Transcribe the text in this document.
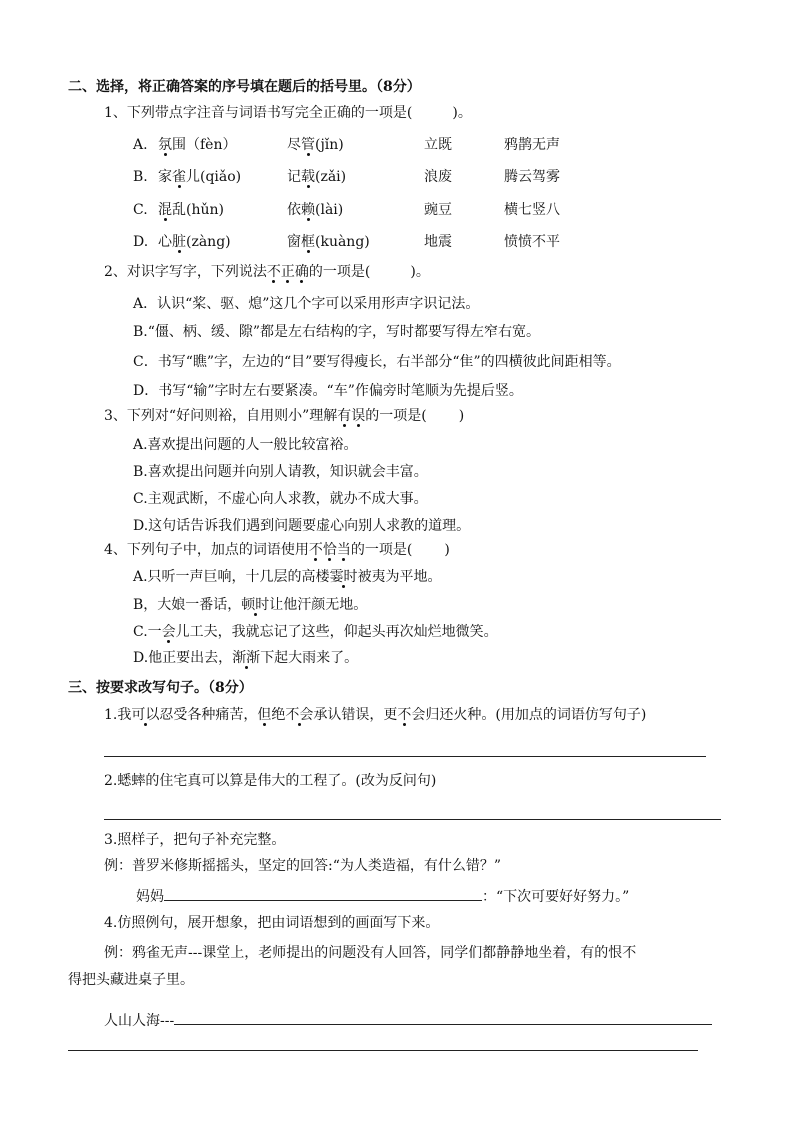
二、选择，将正确答案的序号填在题后的括号里。（8分）
1、下列带点字注音与词语书写完全正确的一项是(	)。
A. 氛围（fèn）	尽管(jǐn)	立既	鸦鹊无声
B. 家雀儿(qiǎo)	记载(zǎi)	浪废	腾云驾雾
C. 混乱(hǔn)	依赖(lài)	豌豆	横七竖八
D. 心脏(zàng)	窗框(kuàng)	地震	愤愤不平
2、对识字写字，下列说法不正确的一项是(	)。
A．认识“桨、驱、熄”这几个字可以采用形声字识记法。
B.“僵、柄、缓、隙”都是左右结构的字，写时都要写得左窄右宽。
C．书写“瞧”字，左边的“目”要写得瘦长，右半部分“隹”的四横彼此间距相等。
D．书写“输”字时左右要紧凑。“车”作偏旁时笔顺为先提后竖。
3、下列对“好问则裕，自用则小”理解有误的一项是( )
A.喜欢提出问题的人一般比较富裕。
B.喜欢提出问题并向别人请教，知识就会丰富。
C.主观武断，不虚心向人求教，就办不成大事。
D.这句话告诉我们遇到问题要虚心向别人求教的道理。
4、下列句子中，加点的词语使用不恰当的一项是( )
A.只听一声巨响，十几层的高楼霎时被夷为平地。
B，大娘一番话，顿时让他汗颜无地。
C.一会儿工夫，我就忘记了这些，仰起头再次灿烂地微笑。
D.他正要出去，渐渐下起大雨来了。
三、按要求改写句子。（8分）
1.我可以忍受各种痛苦，但绝不会承认错误，更不会归还火种。(用加点的词语仿写句子)
2.蟋蟀的住宅真可以算是伟大的工程了。(改为反问句)
3.照样子，把句子补充完整。
例：普罗米修斯摇摇头，坚定的回答:“为人类造福，有什么错？”
妈妈	：“下次可要好好努力。”
4.仿照例句，展开想象，把由词语想到的画面写下来。
例：鸦雀无声---课堂上，老师提出的问题没有人回答，同学们都静静地坐着，有的恨不
得把头藏进桌子里。
人山人海---
